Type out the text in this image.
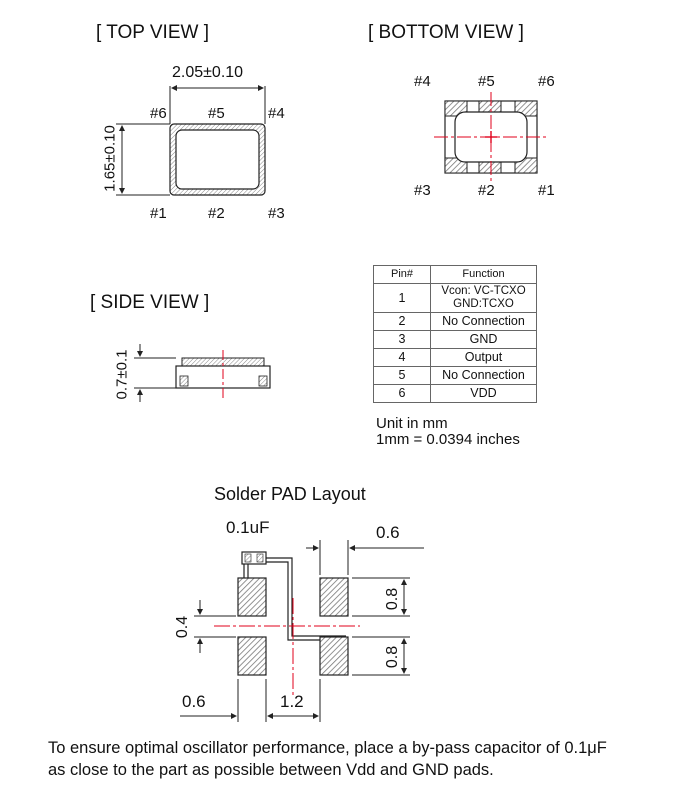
[ TOP VIEW ]
2.05±0.10
#6	#5	#4
#1	#2	#3
1.65±0.10
[ BOTTOM VIEW ]
#4	#5	#6
#3	#2	#1
[ SIDE VIEW ]
0.7±0.1
Pin#	Function
1	Vcon: VC-TCXO
GND:TCXO

2	No Connection
3	GND
4	Output
5	No Connection
6	VDD
Unit in mm
1mm = 0.0394 inches
Solder PAD Layout
0.1uF	0.6
0.8
0.8
0.4
0.6	1.2
To ensure optimal oscillator performance, place a by-pass capacitor of 0.1μF
as close to the part as possible between Vdd and GND pads.
